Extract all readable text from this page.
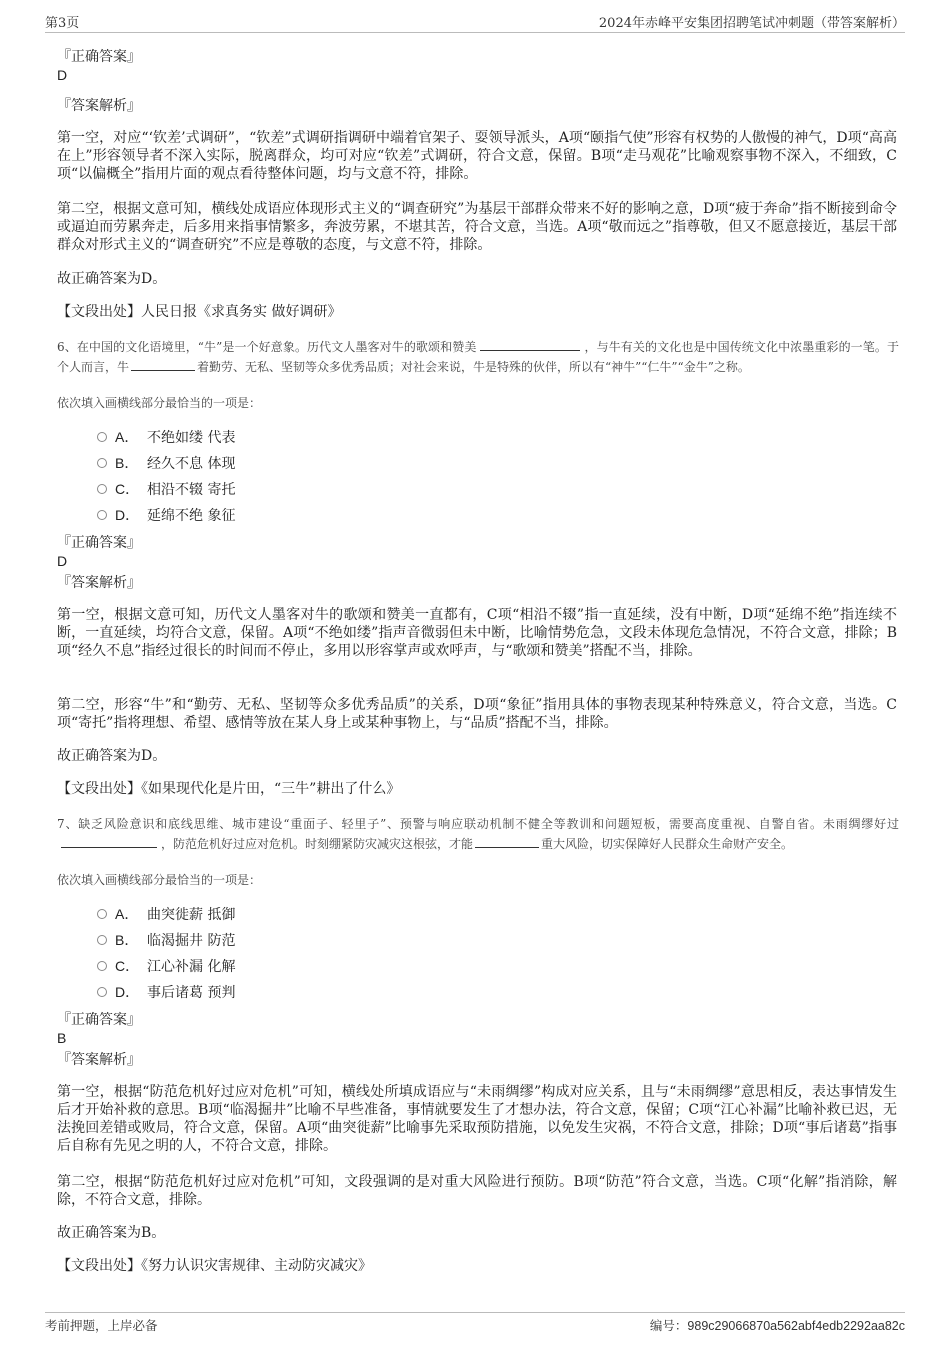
第3页	2024年赤峰平安集团招聘笔试冲刺题（带答案解析）
『正确答案』
D
『答案解析』
第一空，对应“‘钦差’式调研”，“钦差”式调研指调研中端着官架子、耍领导派头，A项“颐指气使”形容有权势的人傲慢的神气，D项“高高在上”形容领导者不深入实际，脱离群众，均可对应“钦差”式调研，符合文意，保留。B项“走马观花”比喻观察事物不深入，不细致，C项“以偏概全”指用片面的观点看待整体问题，均与文意不符，排除。
第二空，根据文意可知，横线处成语应体现形式主义的“调查研究”为基层干部群众带来不好的影响之意，D项“疲于奔命”指不断接到命令或逼迫而劳累奔走，后多用来指事情繁多，奔波劳累，不堪其苦，符合文意，当选。A项“敬而远之”指尊敬，但又不愿意接近，基层干部群众对形式主义的“调查研究”不应是尊敬的态度，与文意不符，排除。
故正确答案为D。
【文段出处】人民日报《求真务实 做好调研》
6、在中国的文化语境里，“牛”是一个好意象。历代文人墨客对牛的歌颂和赞美	，与牛有关的文化也是中国传统文化中浓墨重彩的一笔。于个人而言，牛	着勤劳、无私、坚韧等众多优秀品质；对社会来说，牛是特殊的伙伴，所以有“神牛”“仁牛”“金牛”之称。
依次填入画横线部分最恰当的一项是：
A． 不绝如缕 代表
B． 经久不息 体现
C． 相沿不辍 寄托
D． 延绵不绝 象征
『正确答案』
D
『答案解析』
第一空，根据文意可知，历代文人墨客对牛的歌颂和赞美一直都有，C项“相沿不辍”指一直延续，没有中断，D项“延绵不绝”指连续不断，一直延续，均符合文意，保留。A项“不绝如缕”指声音微弱但未中断，比喻情势危急，文段未体现危急情况，不符合文意，排除；B项“经久不息”指经过很长的时间而不停止，多用以形容掌声或欢呼声，与“歌颂和赞美”搭配不当，排除。
第二空，形容“牛”和“勤劳、无私、坚韧等众多优秀品质”的关系，D项“象征”指用具体的事物表现某种特殊意义，符合文意，当选。C项“寄托”指将理想、希望、感情等放在某人身上或某种事物上，与“品质”搭配不当，排除。
故正确答案为D。
【文段出处】《如果现代化是片田，“三牛”耕出了什么》
7、缺乏风险意识和底线思维、城市建设“重面子、轻里子”、预警与响应联动机制不健全等教训和问题短板，需要高度重视、自警自省。未雨绸缪好过，防范危机好过应对危机。时刻绷紧防灾减灾这根弦，才能	重大风险，切实保障好人民群众生命财产安全。
依次填入画横线部分最恰当的一项是：
A． 曲突徙薪 抵御
B． 临渴掘井 防范
C． 江心补漏 化解
D． 事后诸葛 预判
『正确答案』
B
『答案解析』
第一空，根据“防范危机好过应对危机”可知，横线处所填成语应与“未雨绸缪”构成对应关系，且与“未雨绸缪”意思相反，表达事情发生后才开始补救的意思。B项“临渴掘井”比喻不早些准备，事情就要发生了才想办法，符合文意，保留；C项“江心补漏”比喻补救已迟，无法挽回差错或败局，符合文意，保留。A项“曲突徙薪”比喻事先采取预防措施，以免发生灾祸，不符合文意，排除；D项“事后诸葛”指事后自称有先见之明的人，不符合文意，排除。
第二空，根据“防范危机好过应对危机”可知，文段强调的是对重大风险进行预防。B项“防范”符合文意，当选。C项“化解”指消除，解除，不符合文意，排除。
故正确答案为B。
【文段出处】《努力认识灾害规律、主动防灾减灾》
考前押题，上岸必备	编号：989c29066870a562abf4edb2292aa82c
